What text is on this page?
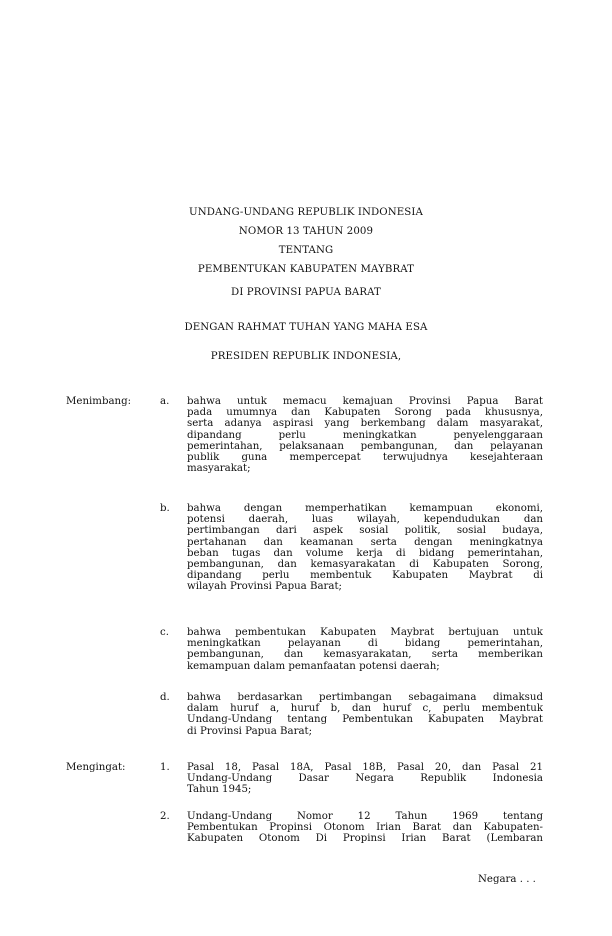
UNDANG-UNDANG REPUBLIK INDONESIA
NOMOR 13 TAHUN 2009
TENTANG
PEMBENTUKAN KABUPATEN MAYBRAT
DI PROVINSI PAPUA BARAT
DENGAN RAHMAT TUHAN YANG MAHA ESA
PRESIDEN REPUBLIK INDONESIA,
Menimbang:	a. bahwa untuk memacu kemajuan Provinsi Papua Barat
pada umumnya dan Kabupaten Sorong pada khususnya,
serta adanya aspirasi yang berkembang dalam masyarakat,
dipandang perlu meningkatkan penyelenggaraan
pemerintahan, pelaksanaan pembangunan, dan pelayanan
publik guna mempercepat terwujudnya kesejahteraan
masyarakat;
b. bahwa dengan memperhatikan kemampuan ekonomi,
potensi daerah, luas wilayah, kependudukan dan
pertimbangan dari aspek sosial politik, sosial budaya,
pertahanan dan keamanan serta dengan meningkatnya
beban tugas dan volume kerja di bidang pemerintahan,
pembangunan, dan kemasyarakatan di Kabupaten Sorong,
dipandang perlu membentuk Kabupaten Maybrat di
wilayah Provinsi Papua Barat;
c. bahwa pembentukan Kabupaten Maybrat bertujuan untuk
meningkatkan pelayanan di bidang pemerintahan,
pembangunan, dan kemasyarakatan, serta memberikan
kemampuan dalam pemanfaatan potensi daerah;
d. bahwa berdasarkan pertimbangan sebagaimana dimaksud
dalam huruf a, huruf b, dan huruf c, perlu membentuk
Undang-Undang tentang Pembentukan Kabupaten Maybrat
di Provinsi Papua Barat;
Mengingat:	1. Pasal 18, Pasal 18A, Pasal 18B, Pasal 20, dan Pasal 21
Undang-Undang Dasar Negara Republik Indonesia
Tahun 1945;
2. Undang-Undang Nomor 12 Tahun 1969 tentang
Pembentukan Propinsi Otonom Irian Barat dan Kabupaten-
Kabupaten Otonom Di Propinsi Irian Barat (Lembaran
Negara . . .
